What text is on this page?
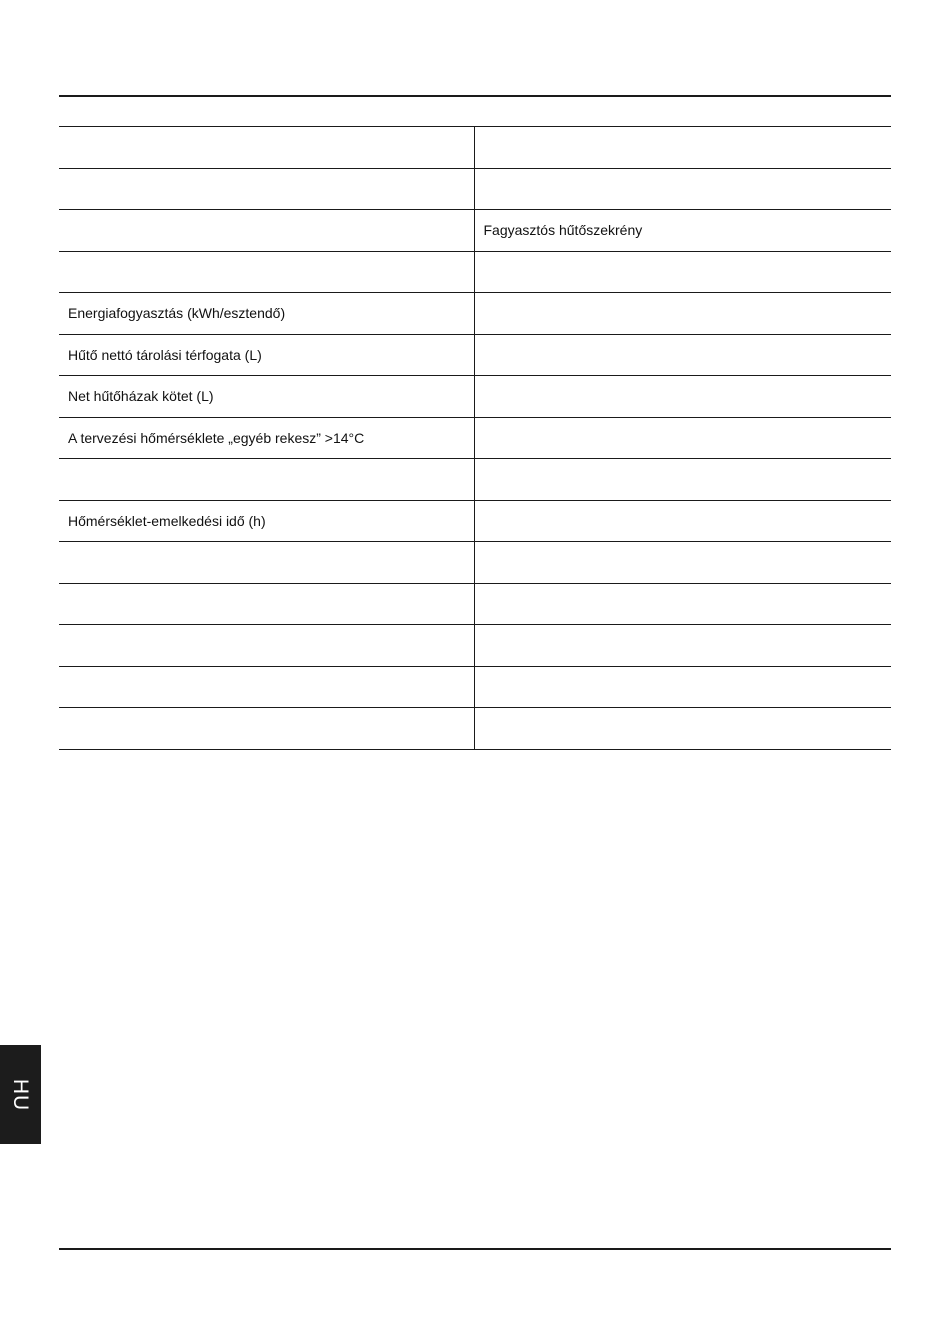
	Fagyasztós hűtőszekrény

Energiafogyasztás (kWh/esztendő)	
Hűtő nettó tárolási térfogata (L)	
Net hűtőházak kötet (L)	
A tervezési hőmérséklete „egyéb rekesz” >14°C	

Hőmérséklet-emelkedési idő (h)	

HU
